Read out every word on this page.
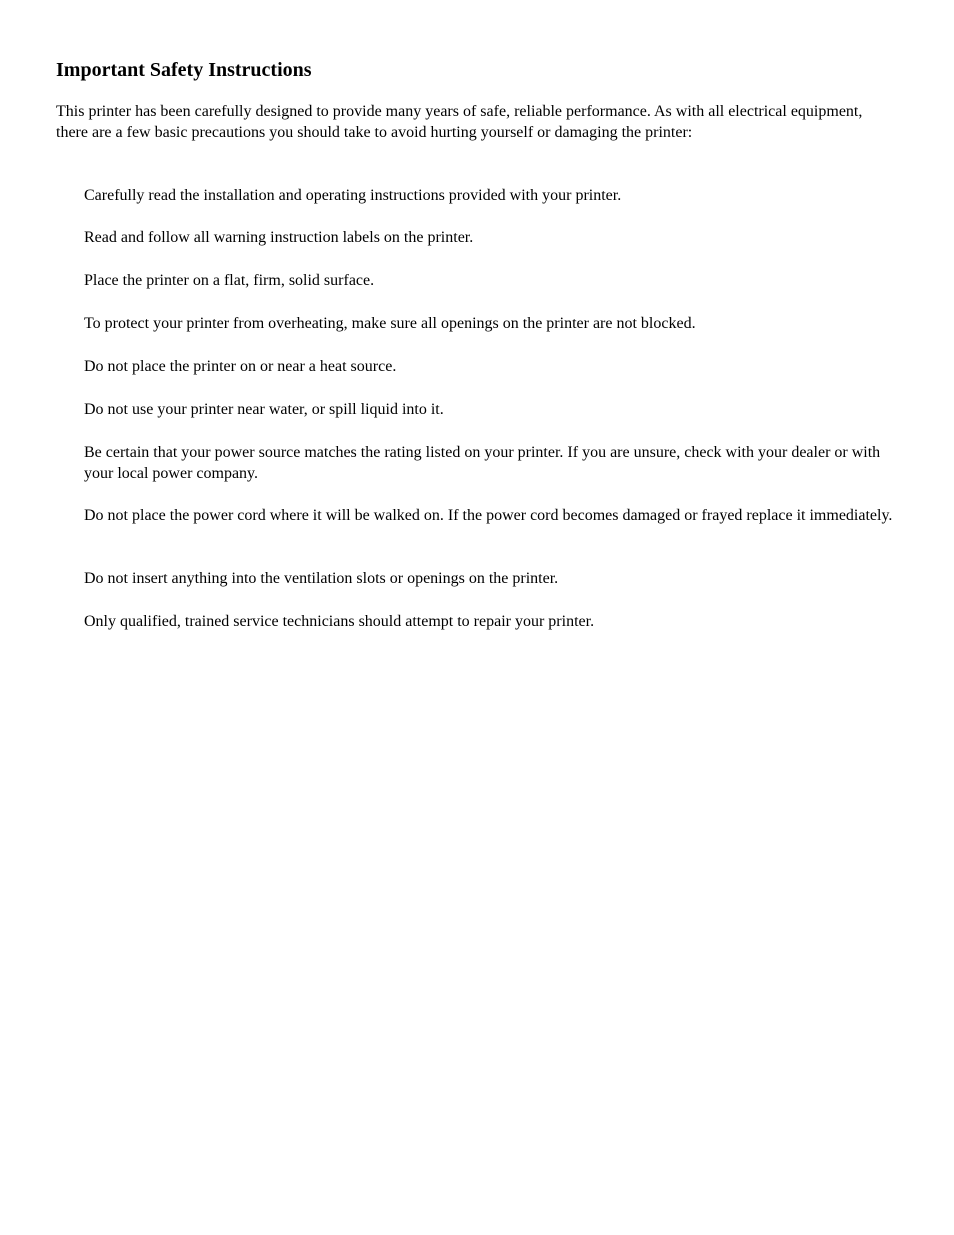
Important Safety Instructions

This printer has been carefully designed to provide many years of safe, reliable performance. As with all electrical equipment, there are a few basic precautions you should take to avoid hurting yourself or damaging the printer:

Carefully read the installation and operating instructions provided with your printer.

Read and follow all warning instruction labels on the printer.

Place the printer on a flat, firm, solid surface.

To protect your printer from overheating, make sure all openings on the printer are not blocked.

Do not place the printer on or near a heat source.

Do not use your printer near water, or spill liquid into it.

Be certain that your power source matches the rating listed on your printer. If you are unsure, check with your dealer or with your local power company.

Do not place the power cord where it will be walked on. If the power cord becomes damaged or frayed replace it immediately.

Do not insert anything into the ventilation slots or openings on the printer.

Only qualified, trained service technicians should attempt to repair your printer.
